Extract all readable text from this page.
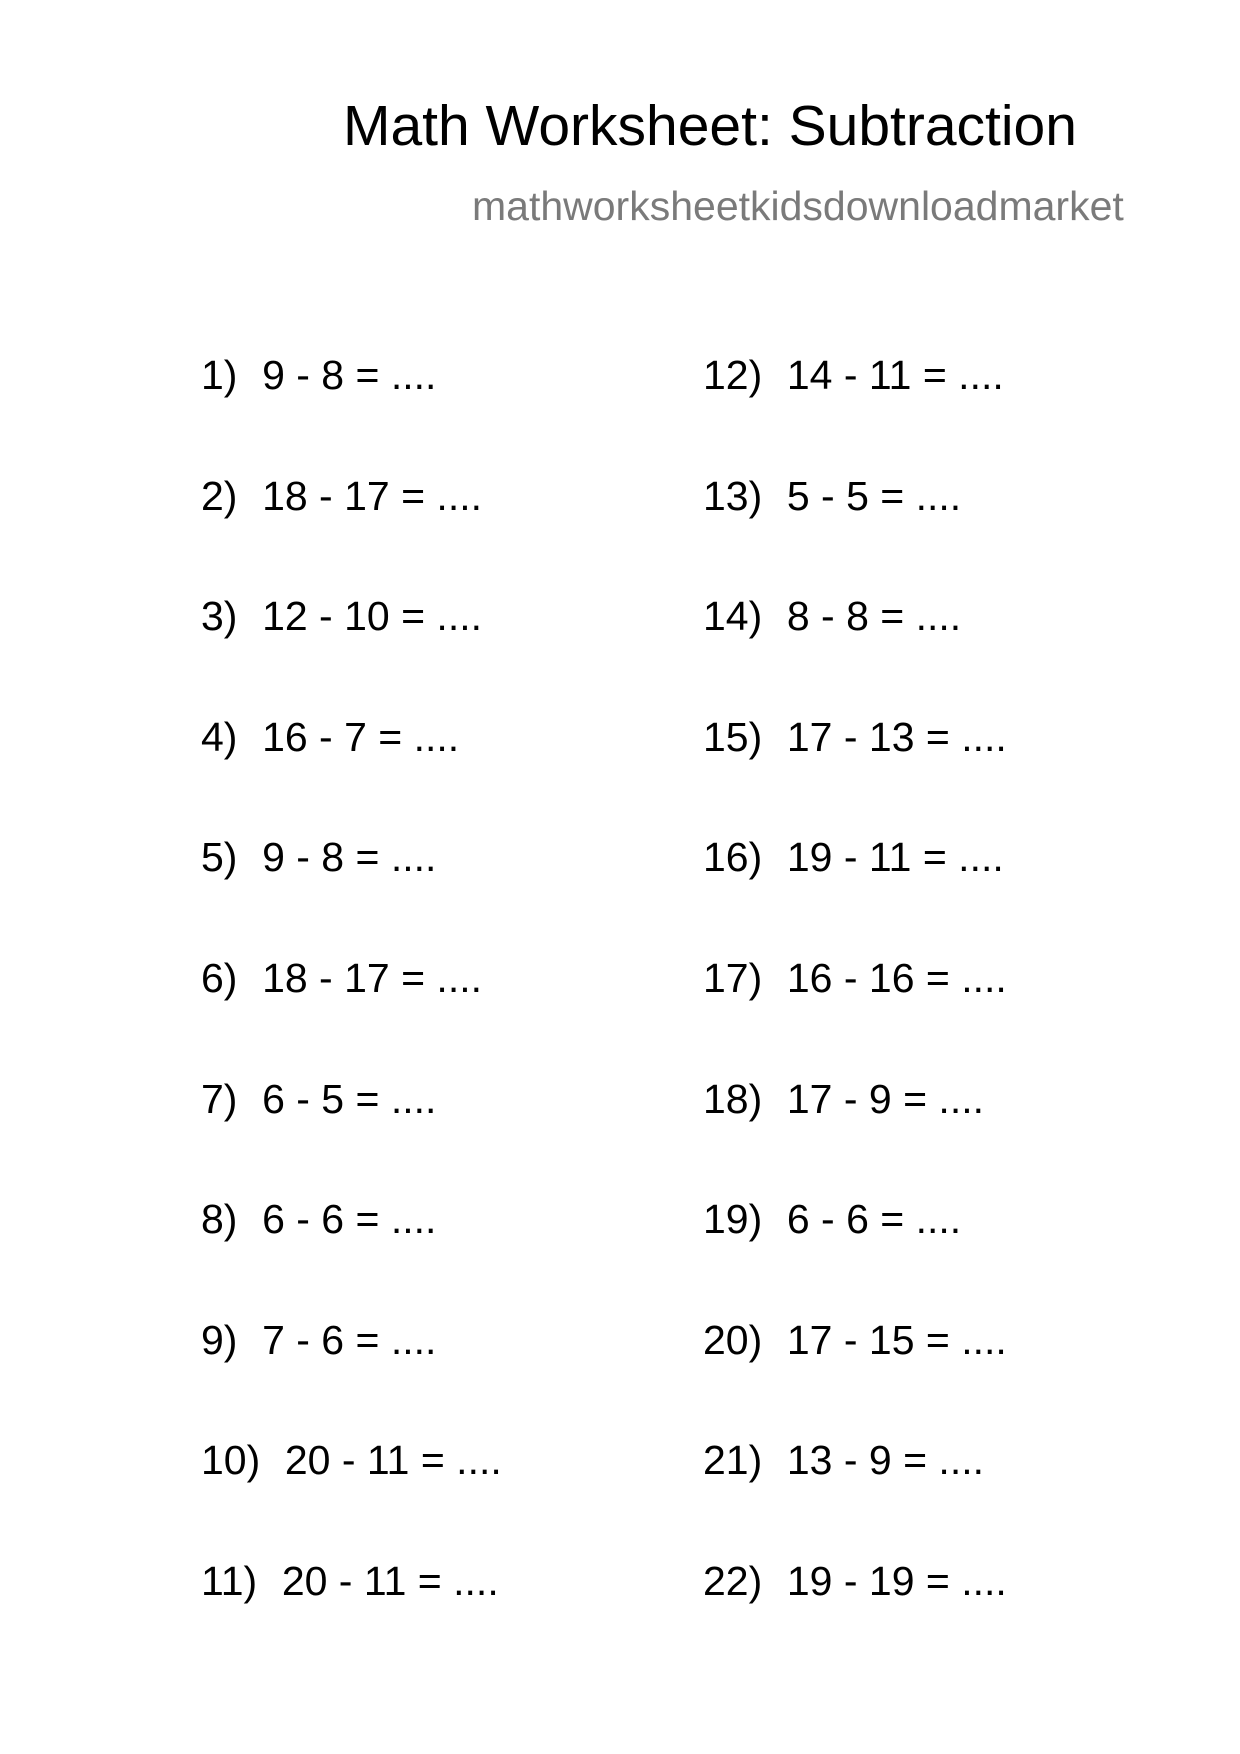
Math Worksheet: Subtraction
mathworksheetkidsdownloadmarket
1) 9 - 8 = ....
2) 18 - 17 = ....
3) 12 - 10 = ....
4) 16 - 7 = ....
5) 9 - 8 = ....
6) 18 - 17 = ....
7) 6 - 5 = ....
8) 6 - 6 = ....
9) 7 - 6 = ....
10) 20 - 11 = ....
11) 20 - 11 = ....
12) 14 - 11 = ....
13) 5 - 5 = ....
14) 8 - 8 = ....
15) 17 - 13 = ....
16) 19 - 11 = ....
17) 16 - 16 = ....
18) 17 - 9 = ....
19) 6 - 6 = ....
20) 17 - 15 = ....
21) 13 - 9 = ....
22) 19 - 19 = ....
